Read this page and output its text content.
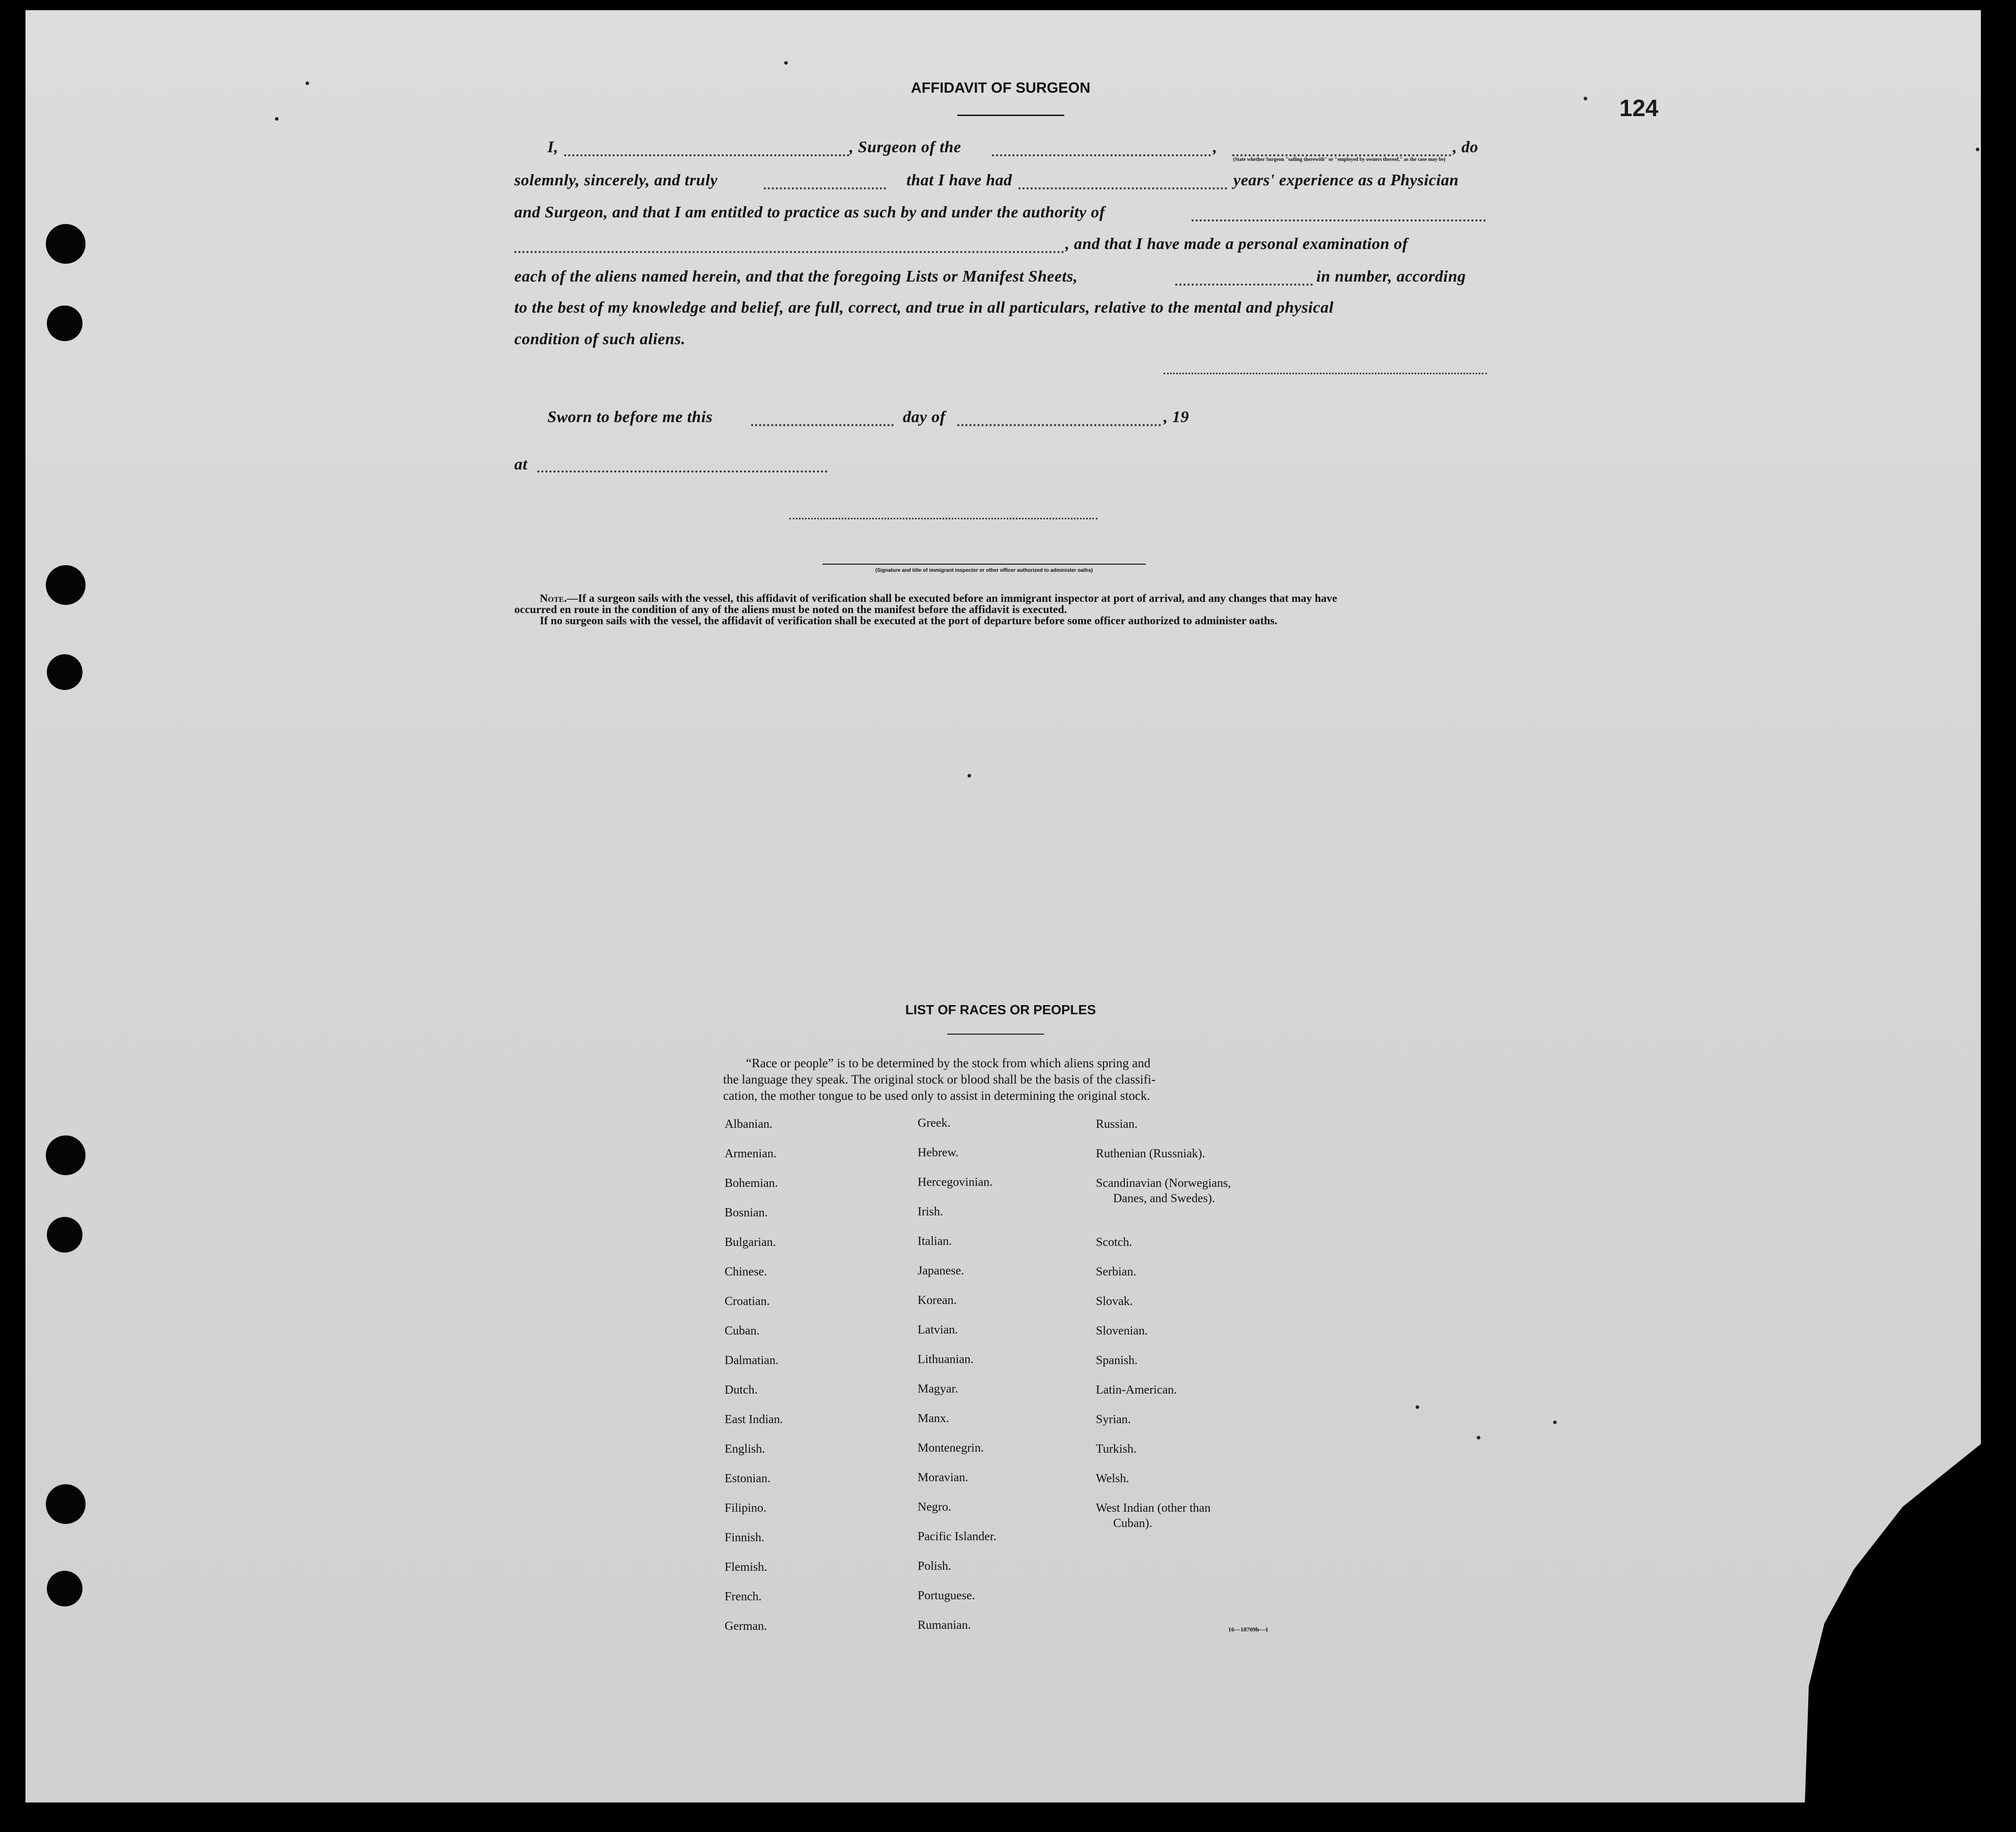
124
AFFIDAVIT OF SURGEON
I,	, Surgeon of the	,	, do
(State whether Surgeon "sailing therewith" or "employed by owners thereof," as the case may be)
solemnly, sincerely, and truly	that I have had	years' experience as a Physician
and Surgeon, and that I am entitled to practice as such by and under the authority of
, and that I have made a personal examination of
each of the aliens named herein, and that the foregoing Lists or Manifest Sheets,	in number, according
to the best of my knowledge and belief, are full, correct, and true in all particulars, relative to the mental and physical
condition of such aliens.
Sworn to before me this	day of	, 19
at
(Signature and title of immigrant inspector or other officer authorized to administer oaths)
Note.—If a surgeon sails with the vessel, this affidavit of verification shall be executed before an immigrant inspector at port of arrival, and any changes that may have
occurred en route in the condition of any of the aliens must be noted on the manifest before the affidavit is executed.
If no surgeon sails with the vessel, the affidavit of verification shall be executed at the port of departure before some officer authorized to administer oaths.
LIST OF RACES OR PEOPLES
“Race or people” is to be determined by the stock from which aliens spring and
the language they speak. The original stock or blood shall be the basis of the classifi-
cation, the mother tongue to be used only to assist in determining the original stock.
Albanian.
Armenian.
Bohemian.
Bosnian.
Bulgarian.
Chinese.
Croatian.
Cuban.
Dalmatian.
Dutch.
East Indian.
English.
Estonian.
Filipino.
Finnish.
Flemish.
French.
German.
Greek.
Hebrew.
Hercegovinian.
Irish.
Italian.
Japanese.
Korean.
Latvian.
Lithuanian.
Magyar.
Manx.
Montenegrin.
Moravian.
Negro.
Pacific Islander.
Polish.
Portuguese.
Rumanian.
Russian.
Ruthenian (Russniak).
Scandinavian (Norwegians,
Danes, and Swedes).
Scotch.
Serbian.
Slovak.
Slovenian.
Spanish.
Latin-American.
Syrian.
Turkish.
Welsh.
West Indian (other than
Cuban).
16—18709b—1
